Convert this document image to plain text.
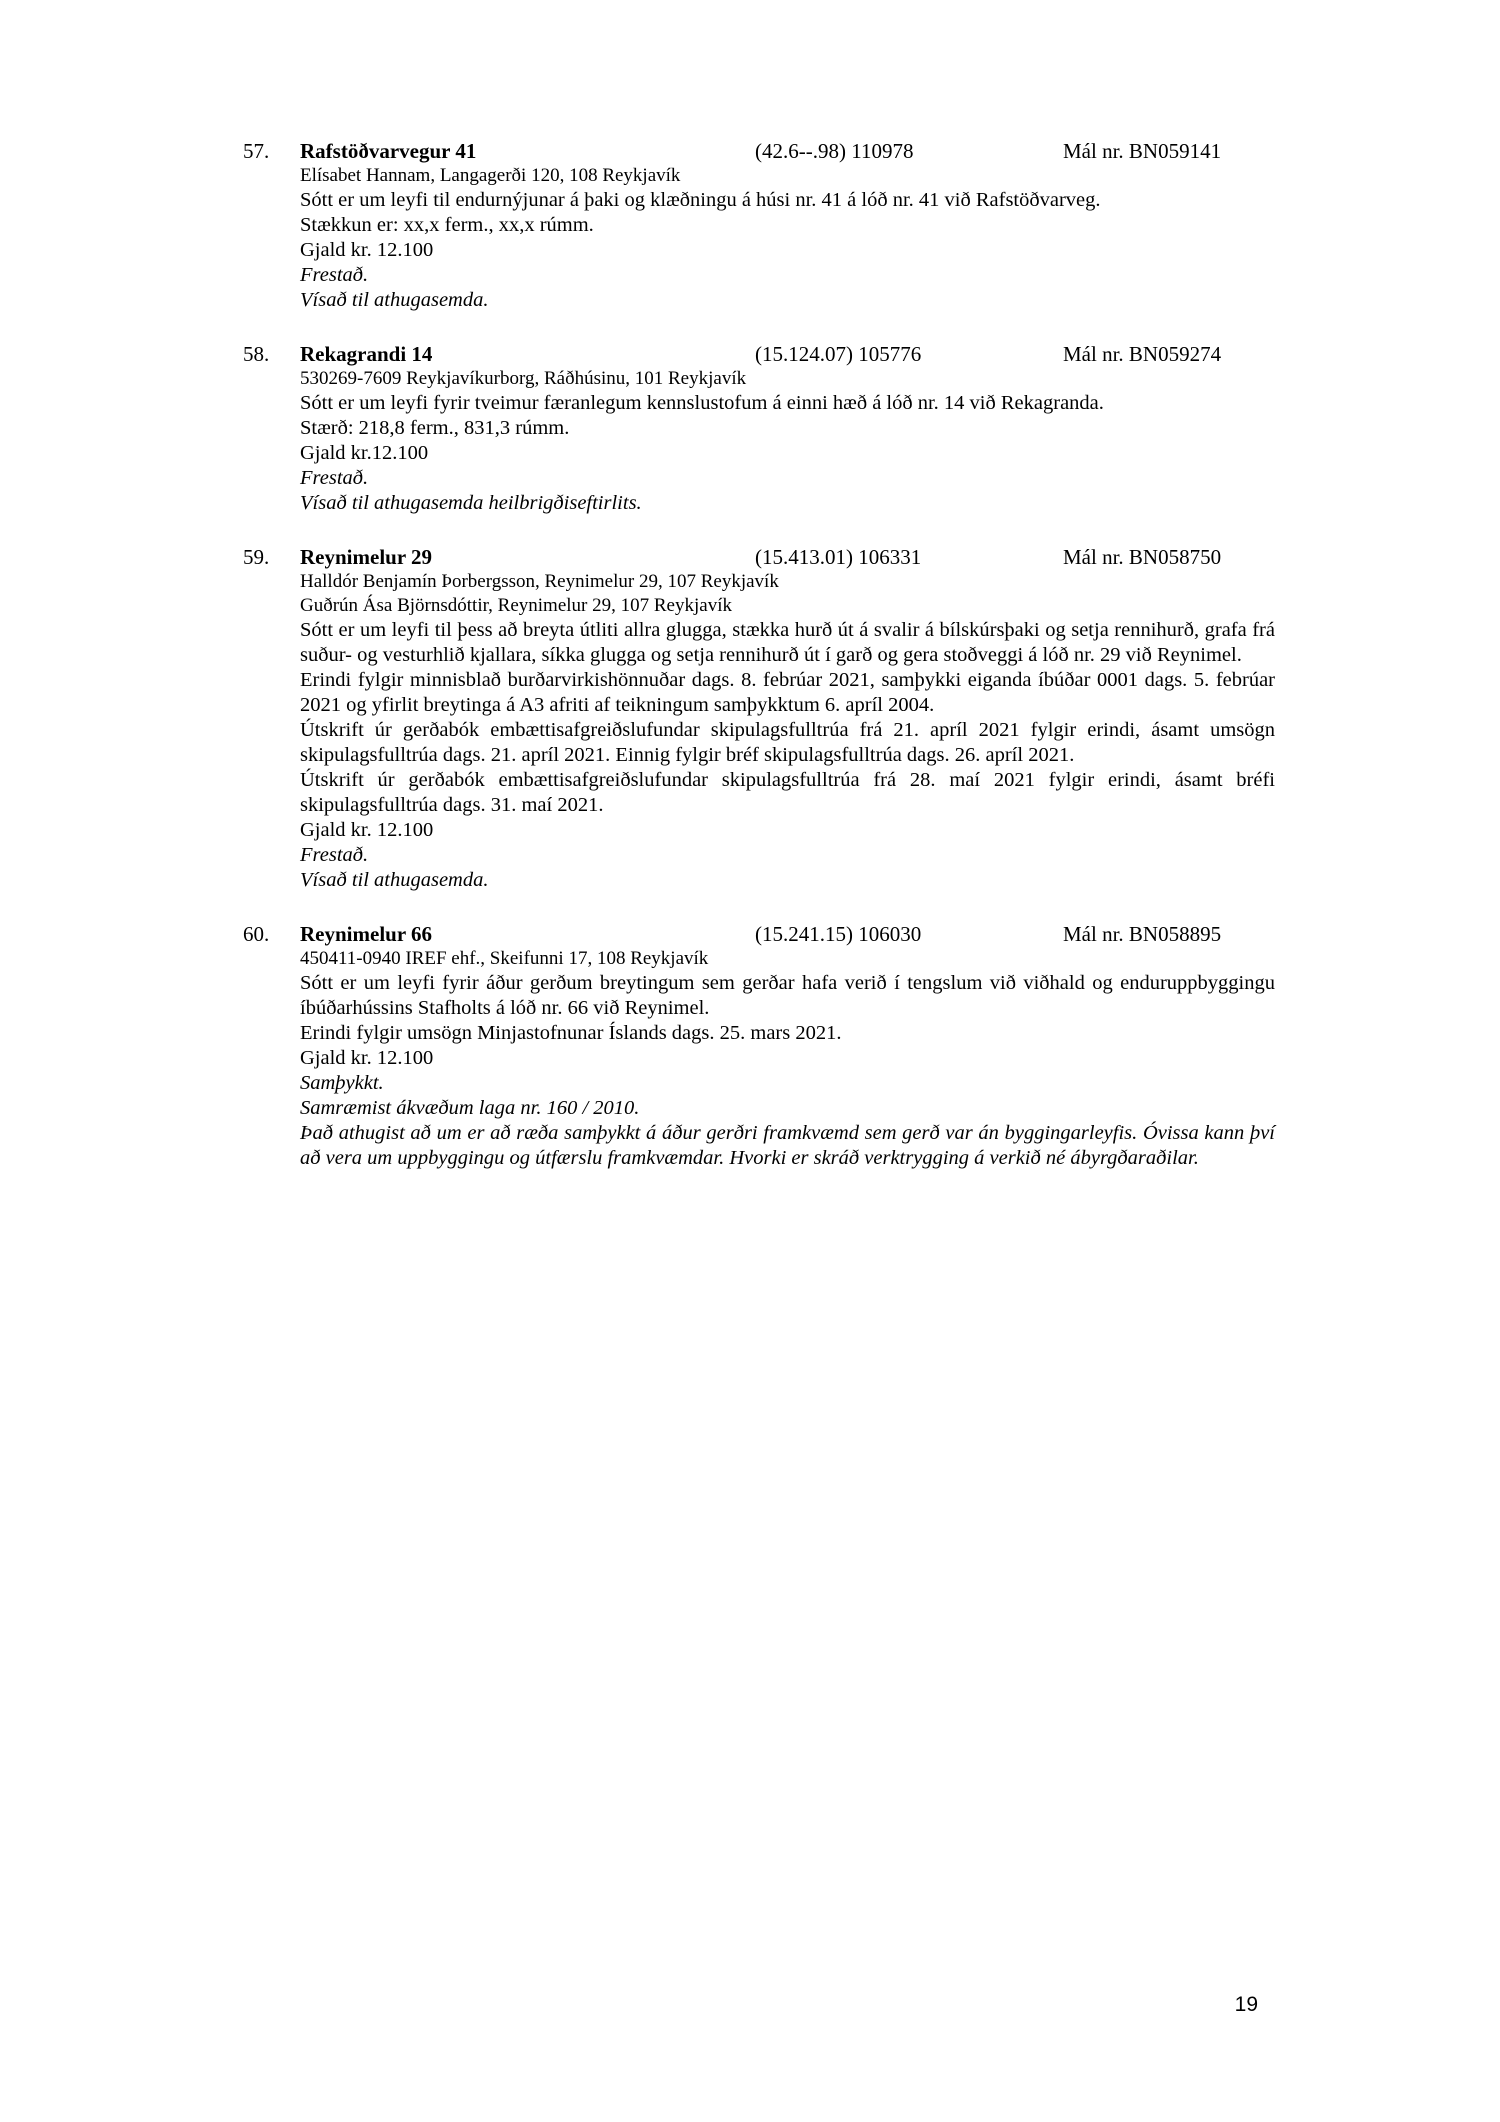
57. Rafstöðvarvegur 41	(42.6--.98) 110978	Mál nr. BN059141

Elísabet Hannam, Langagerði 120, 108 Reykjavík

Sótt er um leyfi til endurnýjunar á þaki og klæðningu á húsi nr. 41 á lóð nr. 41 við Rafstöðvarveg.

Stækkun er: xx,x ferm., xx,x rúmm.

Gjald kr. 12.100

Frestað.

Vísað til athugasemda.

58. Rekagrandi 14	(15.124.07) 105776	Mál nr. BN059274

530269-7609 Reykjavíkurborg, Ráðhúsinu, 101 Reykjavík

Sótt er um leyfi fyrir tveimur færanlegum kennslustofum á einni hæð á lóð nr. 14 við Rekagranda.

Stærð: 218,8 ferm., 831,3 rúmm.

Gjald kr.12.100

Frestað.

Vísað til athugasemda heilbrigðiseftirlits.

59. Reynimelur 29	(15.413.01) 106331	Mál nr. BN058750

Halldór Benjamín Þorbergsson, Reynimelur 29, 107 Reykjavík

Guðrún Ása Björnsdóttir, Reynimelur 29, 107 Reykjavík

Sótt er um leyfi til þess að breyta útliti allra glugga, stækka hurð út á svalir á bílskúrsþaki og setja rennihurð, grafa frá suður- og vesturhlið kjallara, síkka glugga og setja rennihurð út í garð og gera stoðveggi á lóð nr. 29 við Reynimel.

Erindi fylgir minnisblað burðarvirkishönnuðar dags. 8. febrúar 2021, samþykki eiganda íbúðar 0001 dags. 5. febrúar 2021 og yfirlit breytinga á A3 afriti af teikningum samþykktum 6. apríl 2004.

Útskrift úr gerðabók embættisafgreiðslufundar skipulagsfulltrúa frá 21. apríl 2021 fylgir erindi, ásamt umsögn skipulagsfulltrúa dags. 21. apríl 2021. Einnig fylgir bréf skipulagsfulltrúa dags. 26. apríl 2021.

Útskrift úr gerðabók embættisafgreiðslufundar skipulagsfulltrúa frá 28. maí 2021 fylgir erindi, ásamt bréfi skipulagsfulltrúa dags. 31. maí 2021.

Gjald kr. 12.100

Frestað.

Vísað til athugasemda.

60. Reynimelur 66	(15.241.15) 106030	Mál nr. BN058895

450411-0940 IREF ehf., Skeifunni 17, 108 Reykjavík

Sótt er um leyfi fyrir áður gerðum breytingum sem gerðar hafa verið í tengslum við viðhald og enduruppbyggingu íbúðarhússins Stafholts á lóð nr. 66 við Reynimel.

Erindi fylgir umsögn Minjastofnunar Íslands dags. 25. mars 2021.

Gjald kr. 12.100

Samþykkt.

Samræmist ákvæðum laga nr. 160 / 2010.

Það athugist að um er að ræða samþykkt á áður gerðri framkvæmd sem gerð var án byggingarleyfis. Óvissa kann því að vera um uppbyggingu og útfærslu framkvæmdar. Hvorki er skráð verktrygging á verkið né ábyrgðaraðilar.

19
